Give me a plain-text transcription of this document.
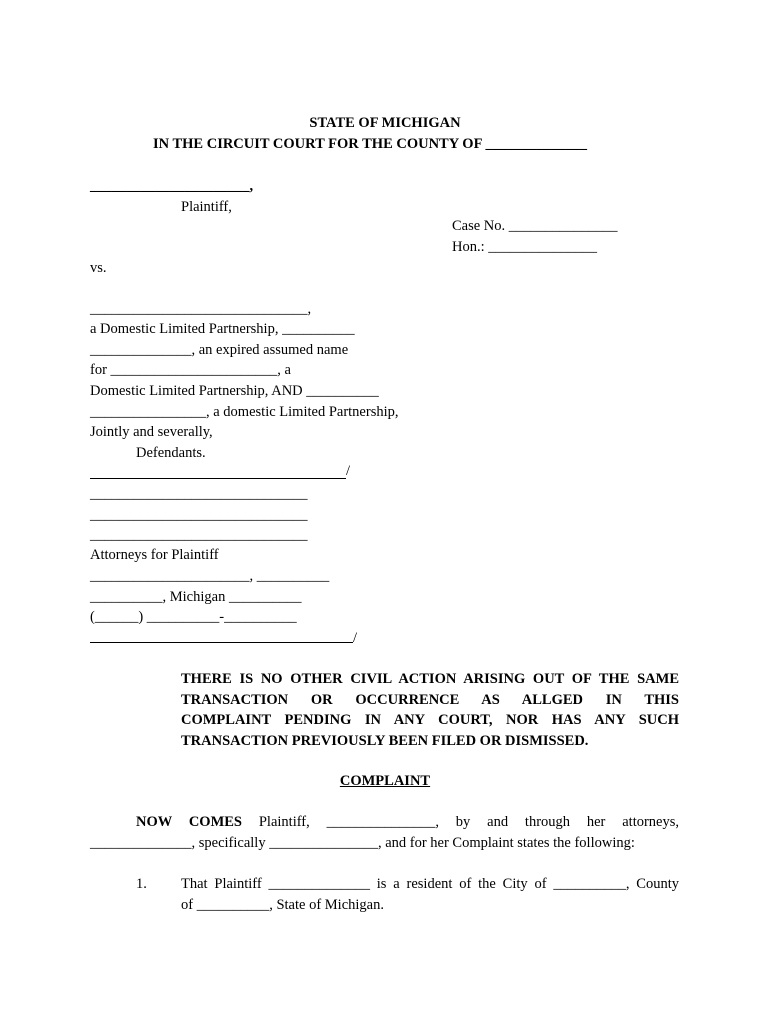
STATE OF MICHIGAN
IN THE CIRCUIT COURT FOR THE COUNTY OF ______________
______________________,
Plaintiff,
Case No. _______________
Hon.: _______________
vs.
______________________________,
a Domestic Limited Partnership, __________
______________, an expired assumed name
for _______________________, a
Domestic Limited Partnership, AND __________
________________, a domestic Limited Partnership,
Jointly and severally,
Defendants.
/
______________________________
______________________________
______________________________
Attorneys for Plaintiff
______________________, __________
__________, Michigan __________
(______) __________-__________
/
THERE IS NO OTHER CIVIL ACTION ARISING OUT OF THE SAME
TRANSACTION OR OCCURRENCE AS ALLGED IN THIS
COMPLAINT PENDING IN ANY COURT, NOR HAS ANY SUCH
TRANSACTION PREVIOUSLY BEEN FILED OR DISMISSED.
COMPLAINT
NOW COMES Plaintiff, _______________, by and through her attorneys,
______________, specifically _______________, and for her Complaint states the following:
1. That Plaintiff ______________ is a resident of the City of __________, County
of __________, State of Michigan.
